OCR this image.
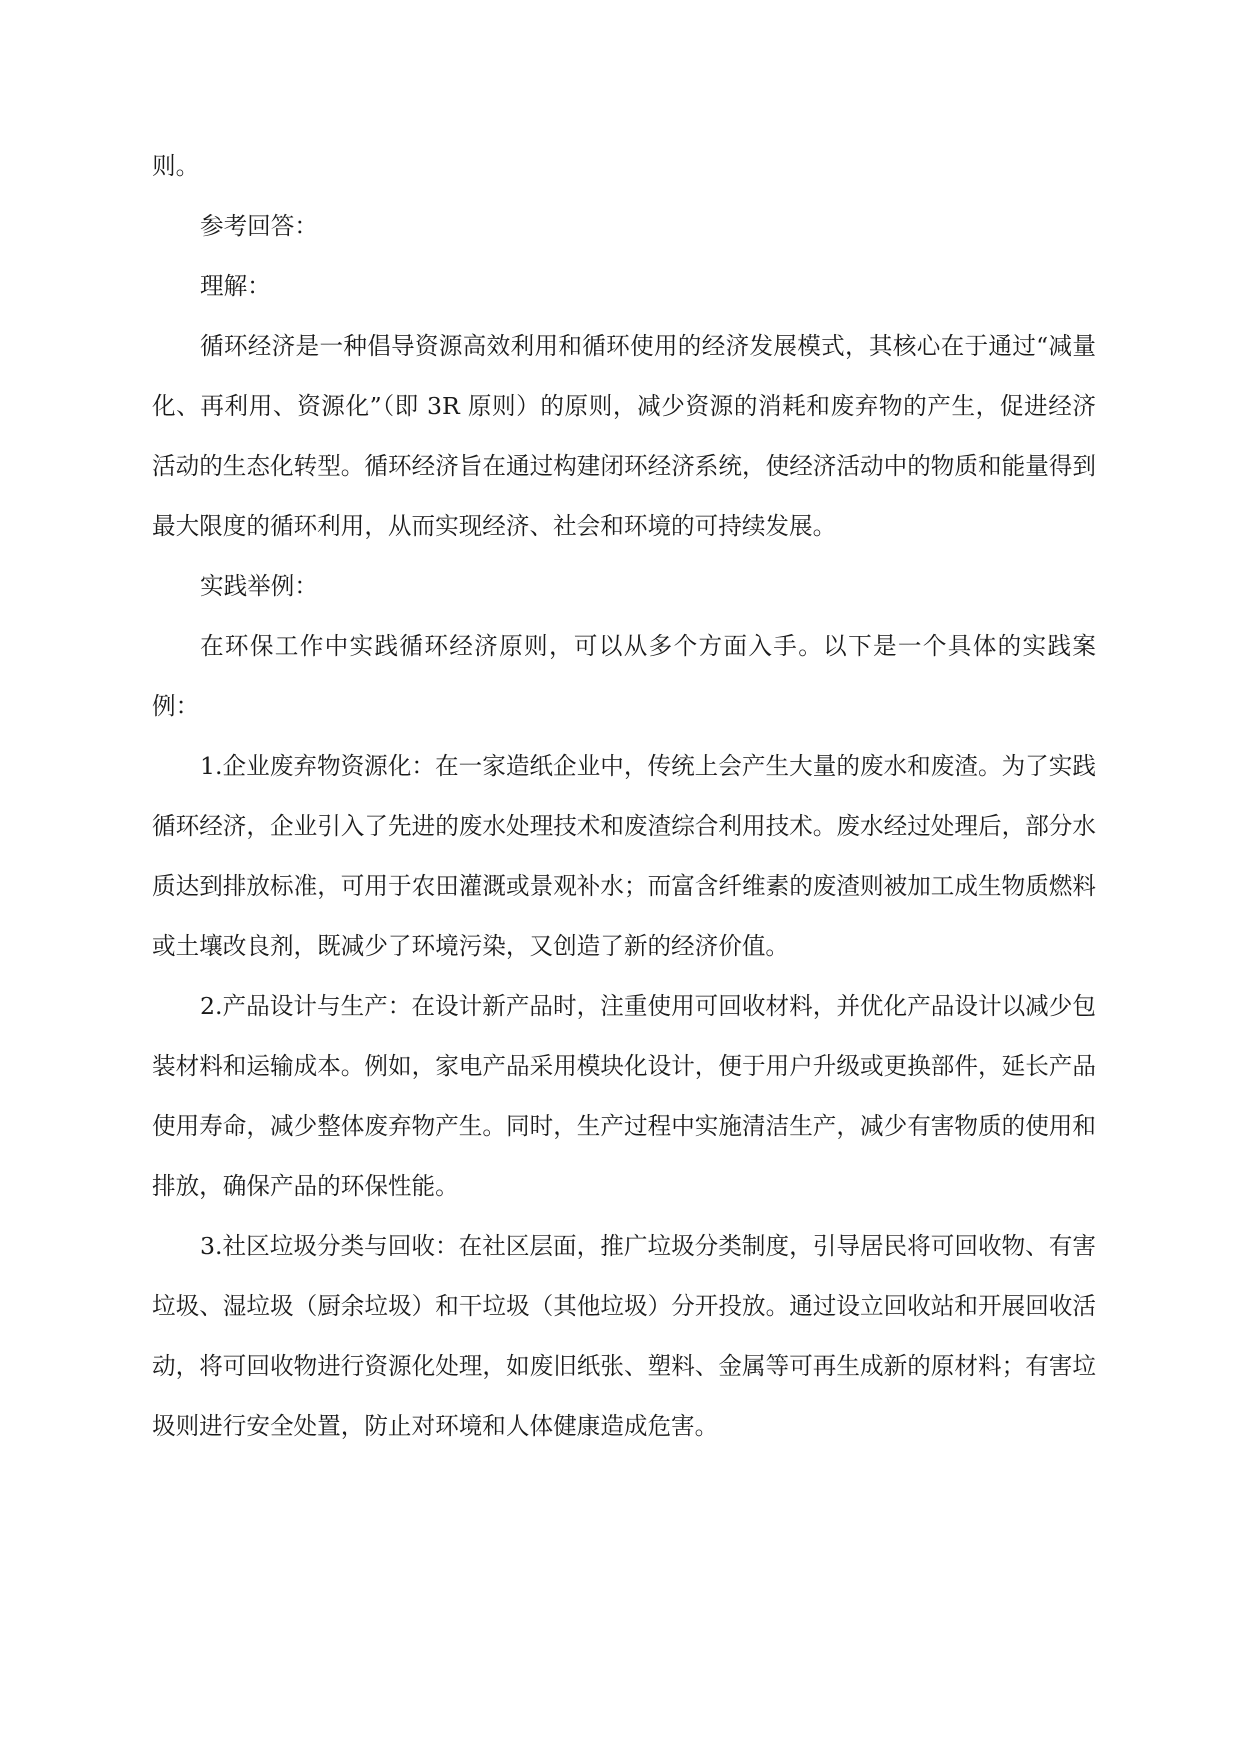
则。

参考回答：

理解：

循环经济是一种倡导资源高效利用和循环使用的经济发展模式，其核心在于通过“减量化、再利用、资源化”（即 3R 原则）的原则，减少资源的消耗和废弃物的产生，促进经济活动的生态化转型。循环经济旨在通过构建闭环经济系统，使经济活动中的物质和能量得到最大限度的循环利用，从而实现经济、社会和环境的可持续发展。

实践举例：

在环保工作中实践循环经济原则，可以从多个方面入手。以下是一个具体的实践案例：

1.企业废弃物资源化：在一家造纸企业中，传统上会产生大量的废水和废渣。为了实践循环经济，企业引入了先进的废水处理技术和废渣综合利用技术。废水经过处理后，部分水质达到排放标准，可用于农田灌溉或景观补水；而富含纤维素的废渣则被加工成生物质燃料或土壤改良剂，既减少了环境污染，又创造了新的经济价值。

2.产品设计与生产：在设计新产品时，注重使用可回收材料，并优化产品设计以减少包装材料和运输成本。例如，家电产品采用模块化设计，便于用户升级或更换部件，延长产品使用寿命，减少整体废弃物产生。同时，生产过程中实施清洁生产，减少有害物质的使用和排放，确保产品的环保性能。

3.社区垃圾分类与回收：在社区层面，推广垃圾分类制度，引导居民将可回收物、有害垃圾、湿垃圾（厨余垃圾）和干垃圾（其他垃圾）分开投放。通过设立回收站和开展回收活动，将可回收物进行资源化处理，如废旧纸张、塑料、金属等可再生成新的原材料；有害垃圾则进行安全处置，防止对环境和人体健康造成危害。
